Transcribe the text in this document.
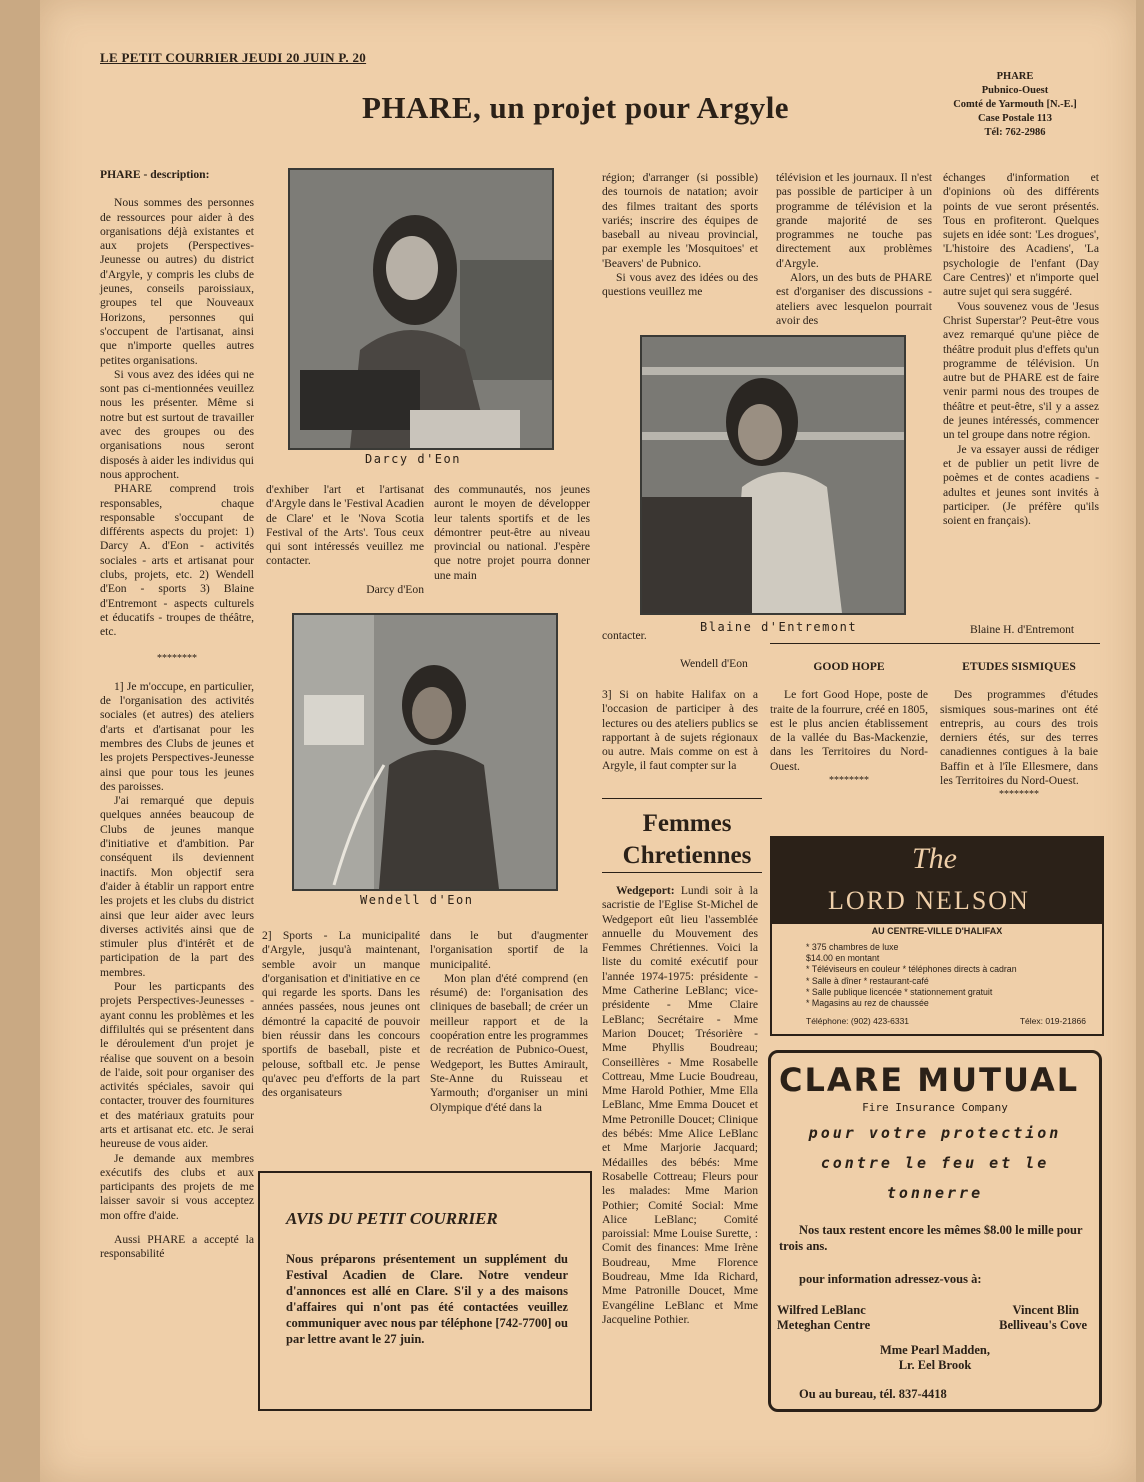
LE PETIT COURRIER JEUDI 20 JUIN P. 20
PHARE, un projet pour Argyle
PHARE
Pubnico-Ouest
Comté de Yarmouth [N.-E.]
Case Postale 113
Tél: 762-2986
PHARE - description:

Nous sommes des personnes de ressources pour aider à des organisations déjà existantes et aux projets (Perspectives-Jeunesse ou autres) du district d'Argyle, y compris les clubs de jeunes, conseils paroissiaux, groupes tel que Nouveaux Horizons, personnes qui s'occupent de l'artisanat, ainsi que n'importe quelles autres petites organisations.

Si vous avez des idées qui ne sont pas ci-mentionnées veuillez nous les présenter. Même si notre but est surtout de travailler avec des groupes ou des organisations nous seront disposés à aider les individus qui nous approchent.

PHARE comprend trois responsables, chaque responsable s'occupant de différents aspects du projet: 1) Darcy A. d'Eon - activités sociales - arts et artisanat pour clubs, projets, etc. 2) Wendell d'Eon - sports 3) Blaine d'Entremont - aspects culturels et éducatifs - troupes de théâtre, etc.

********

1] Je m'occupe, en particulier, de l'organisation des activités sociales (et autres) des ateliers d'arts et d'artisanat pour les membres des Clubs de jeunes et les projets Perspectives-Jeunesse ainsi que pour tous les jeunes des paroisses.

J'ai remarqué que depuis quelques années beaucoup de Clubs de jeunes manque d'initiative et d'ambition. Par conséquent ils deviennent inactifs. Mon objectif sera d'aider à établir un rapport entre les projets et les clubs du district ainsi que leur aider avec leurs diverses activités ainsi que de stimuler plus d'intérêt et de participation de la part des membres.

Pour les particpants des projets Perspectives-Jeunesses - ayant connu les problèmes et les diffilultés qui se présentent dans le déroulement d'un projet je réalise que souvent on a besoin de l'aide, soit pour organiser des activités spéciales, savoir qui contacter, trouver des fournitures et des matériaux gratuits pour arts et artisanat etc. etc. Je serai heureuse de vous aider.

Je demande aux membres exécutifs des clubs et aux participants des projets de me laisser savoir si vous acceptez mon offre d'aide.

Aussi PHARE a accepté la responsabilité

Darcy d'Eon
d'exhiber l'art et l'artisanat d'Argyle dans le 'Festival Acadien de Clare' et le 'Nova Scotia Festival of the Arts'. Tous ceux qui sont intéressés veuillez me contacter.
Darcy d'Eon
des communautés, nos jeunes auront le moyen de développer leur talents sportifs et de les démontrer peut-être au niveau provincial ou national. J'espère que notre projet pourra donner une main
Wendell d'Eon
2] Sports - La municipalité d'Argyle, jusqu'à maintenant, semble avoir un manque d'organisation et d'initiative en ce qui regarde les sports. Dans les années passées, nous jeunes ont démontré la capacité de pouvoir bien réussir dans les concours sportifs de baseball, piste et pelouse, softball etc. Je pense qu'avec peu d'efforts de la part des organisateurs
dans le but d'augmenter l'organisation sportif de la municipalité.

Mon plan d'été comprend (en résumé) de: l'organisation des cliniques de baseball; de créer un meilleur rapport et de la coopération entre les programmes de recréation de Pubnico-Ouest, Wedgeport, les Buttes Amirault, Ste-Anne du Ruisseau et Yarmouth; d'organiser un mini Olympique d'été dans la

AVIS DU PETIT COURRIER
Nous préparons présentement un supplément du Festival Acadien de Clare. Notre vendeur d'annonces est allé en Clare. S'il y a des maisons d'affaires qui n'ont pas été contactées veuillez communiquer avec nous par téléphone [742-7700] ou par lettre avant le 27 juin.
région; d'arranger (si possible) des tournois de natation; avoir des filmes traitant des sports variés; inscrire des équipes de baseball au niveau provincial, par exemple les 'Mosquitoes' et 'Beavers' de Pubnico.

Si vous avez des idées ou des questions veuillez me

télévision et les journaux. Il n'est pas possible de participer à un programme de télévision et la grande majorité de ses programmes ne touche pas directement aux problèmes d'Argyle.

Alors, un des buts de PHARE est d'organiser des discussions - ateliers avec lesquelon pourrait avoir des

échanges d'information et d'opinions où des différents points de vue seront présentés. Tous en profiteront. Quelques sujets en idée sont: 'Les drogues', 'L'histoire des Acadiens', 'La psychologie de l'enfant (Day Care Centres)' et n'importe quel autre sujet qui sera suggéré.

Vous souvenez vous de 'Jesus Christ Superstar'? Peut-être vous avez remarqué qu'une pièce de théâtre produit plus d'effets qu'un programme de télévision. Un autre but de PHARE est de faire venir parmi nous des troupes de théâtre et peut-être, s'il y a assez de jeunes intéressés, commencer un tel groupe dans notre région.

Je va essayer aussi de rédiger et de publier un petit livre de poèmes et de contes acadiens - adultes et jeunes sont invités à participer. (Je préfère qu'ils soient en français).

Blaine d'Entremont
contacter.	Blaine H. d'Entremont
Wendell d'Eon
3] Si on habite Halifax on a l'occasion de participer à des lectures ou des ateliers publics se rapportant à de sujets régionaux ou autre. Mais comme on est à Argyle, il faut compter sur la
GOOD HOPE

Le fort Good Hope, poste de traite de la fourrure, créé en 1805, est le plus ancien établissement de la vallée du Bas-Mackenzie, dans les Territoires du Nord-Ouest.

********
ETUDES SISMIQUES

Des programmes d'études sismiques sous-marines ont été entrepris, au cours des trois derniers étés, sur des terres canadiennes contigues à la baie Baffin et à l'île Ellesmere, dans les Territoires du Nord-Ouest.

********
Femmes
Chretiennes

Wedgeport: Lundi soir à la sacristie de l'Eglise St-Michel de Wedgeport eût lieu l'assemblée annuelle du Mouvement des Femmes Chrétiennes. Voici la liste du comité exécutif pour l'année 1974-1975: présidente - Mme Catherine LeBlanc; vice-présidente - Mme Claire LeBlanc; Secrétaire - Mme Marion Doucet; Trésorière - Mme Phyllis Boudreau; Conseillères - Mme Rosabelle Cottreau, Mme Lucie Boudreau, Mme Harold Pothier, Mme Ella LeBlanc, Mme Emma Doucet et Mme Petronille Doucet; Clinique des bébés: Mme Alice LeBlanc et Mme Marjorie Jacquard; Médailles des bébés: Mme Rosabelle Cottreau; Fleurs pour les malades: Mme Marion Pothier; Comité Social: Mme Alice LeBlanc; Comité paroissial: Mme Louise Surette, : Comit des finances: Mme Irène Boudreau, Mme Florence Boudreau, Mme Ida Richard, Mme Patronille Doucet, Mme Evangéline LeBlanc et Mme Jacqueline Pothier.

The
LORD NELSON
AU CENTRE-VILLE D'HALIFAX
* 375 chambres de luxe
$14.00 en montant
* Téléviseurs en couleur * téléphones directs à cadran
* Salle à dîner * restaurant-café
* Salle publique licencée * stationnement gratuit
* Magasins au rez de chaussée
Téléphone: (902) 423-6331	Télex: 019-21866
CLARE MUTUAL
Fire Insurance Company
pour votre protection
contre le feu et le
tonnerre
Nos taux restent encore les mêmes $8.00 le mille pour trois ans.
pour information adressez-vous à:
Wilfred LeBlanc
Meteghan Centre
Vincent Blin
Belliveau's Cove
Mme Pearl Madden,
Lr. Eel Brook
Ou au bureau, tél. 837-4418
